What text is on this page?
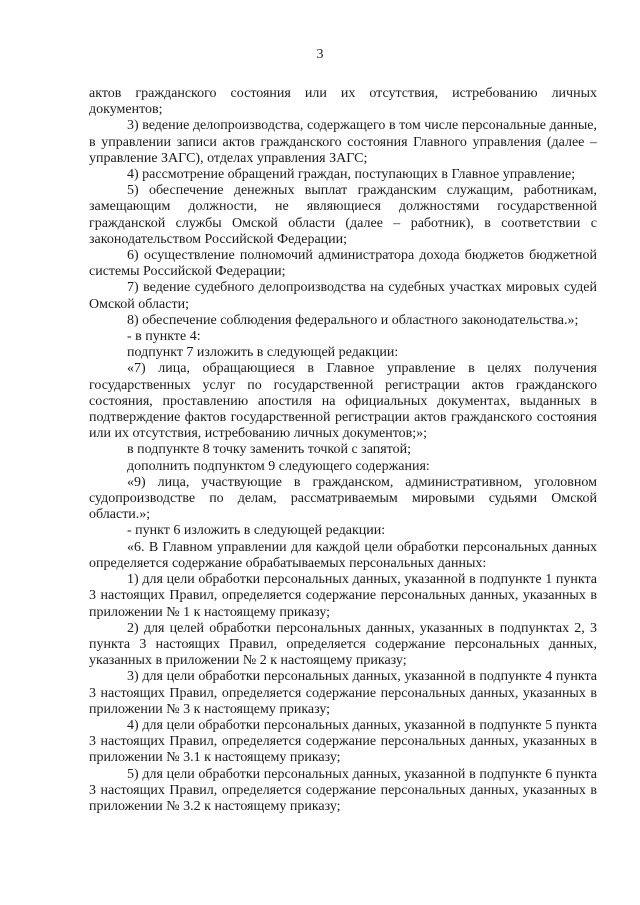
3

актов гражданского состояния или их отсутствия, истребованию личных документов;

3) ведение делопроизводства, содержащего в том числе персональные данные, в управлении записи актов гражданского состояния Главного управления (далее – управление ЗАГС), отделах управления ЗАГС;

4) рассмотрение обращений граждан, поступающих в Главное управление;

5) обеспечение денежных выплат гражданским служащим, работникам, замещающим должности, не являющиеся должностями государственной гражданской службы Омской области (далее – работник), в соответствии с законодательством Российской Федерации;

6) осуществление полномочий администратора дохода бюджетов бюджетной системы Российской Федерации;

7) ведение судебного делопроизводства на судебных участках мировых судей Омской области;

8) обеспечение соблюдения федерального и областного законодательства.»;

- в пункте 4:

подпункт 7 изложить в следующей редакции:

«7) лица, обращающиеся в Главное управление в целях получения государственных услуг по государственной регистрации актов гражданского состояния, проставлению апостиля на официальных документах, выданных в подтверждение фактов государственной регистрации актов гражданского состояния или их отсутствия, истребованию личных документов;»;

в подпункте 8 точку заменить точкой с запятой;

дополнить подпунктом 9 следующего содержания:

«9) лица, участвующие в гражданском, административном, уголовном судопроизводстве по делам, рассматриваемым мировыми судьями Омской области.»;

- пункт 6 изложить в следующей редакции:

«6. В Главном управлении для каждой цели обработки персональных данных определяется содержание обрабатываемых персональных данных:

1) для цели обработки персональных данных, указанной в подпункте 1 пункта 3 настоящих Правил, определяется содержание персональных данных, указанных в приложении № 1 к настоящему приказу;

2) для целей обработки персональных данных, указанных в подпунктах 2, 3 пункта 3 настоящих Правил, определяется содержание персональных данных, указанных в приложении № 2 к настоящему приказу;

3) для цели обработки персональных данных, указанной в подпункте 4 пункта 3 настоящих Правил, определяется содержание персональных данных, указанных в приложении № 3 к настоящему приказу;

4) для цели обработки персональных данных, указанной в подпункте 5 пункта 3 настоящих Правил, определяется содержание персональных данных, указанных в приложении № 3.1 к настоящему приказу;

5) для цели обработки персональных данных, указанной в подпункте 6 пункта 3 настоящих Правил, определяется содержание персональных данных, указанных в приложении № 3.2 к настоящему приказу;
